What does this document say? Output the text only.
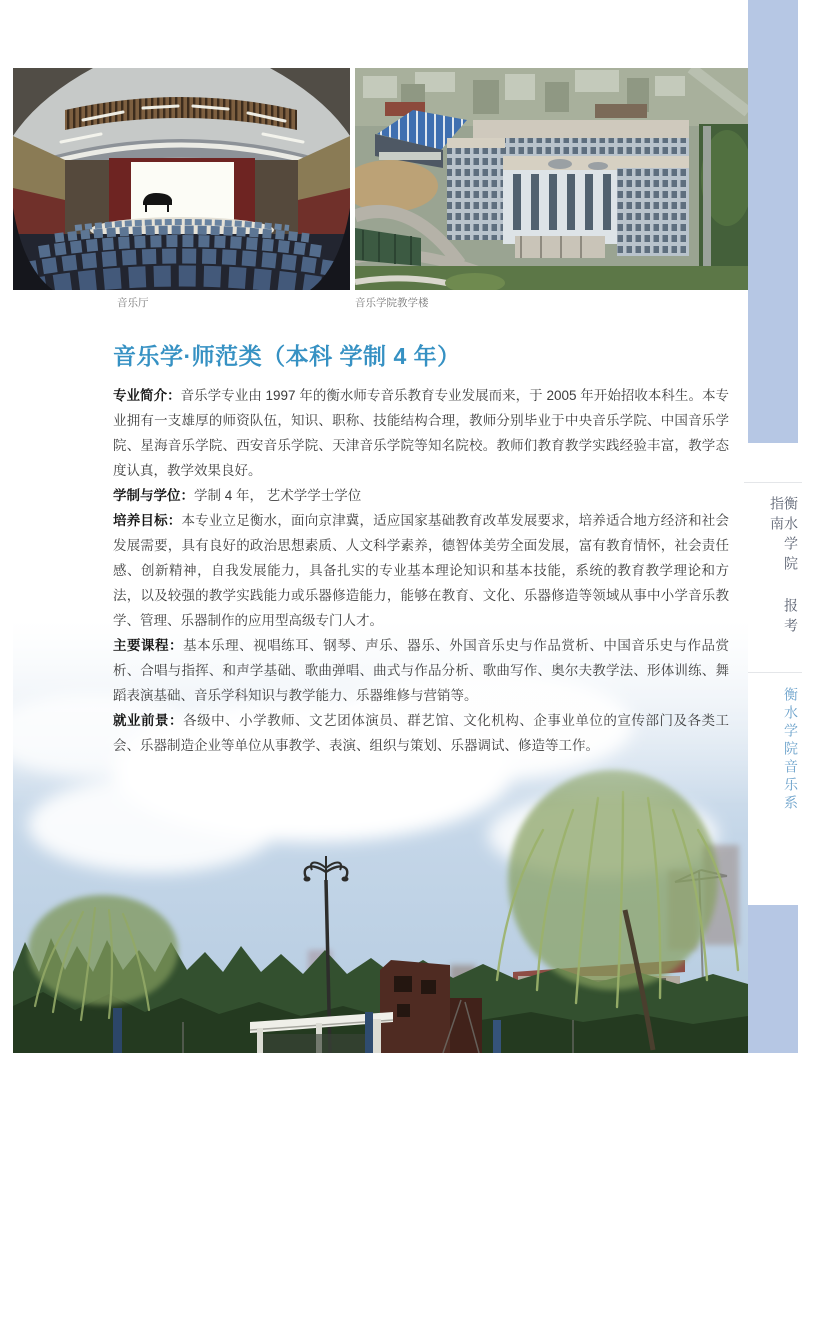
衡水学院 报考指南
衡水学院音乐系
音乐厅	音乐学院教学楼
音乐学·师范类（本科 学制 4 年）

专业简介：音乐学专业由 1997 年的衡水师专音乐教育专业发展而来，于 2005 年开始招收本科生。本专业拥有一支雄厚的师资队伍，知识、职称、技能结构合理，教师分别毕业于中央音乐学院、中国音乐学院、星海音乐学院、西安音乐学院、天津音乐学院等知名院校。教师们教育教学实践经验丰富，教学态度认真，教学效果良好。

学制与学位：学制 4 年， 艺术学学士学位

培养目标：本专业立足衡水，面向京津冀，适应国家基础教育改革发展要求，培养适合地方经济和社会发展需要，具有良好的政治思想素质、人文科学素养，德智体美劳全面发展，富有教育情怀，社会责任感、创新精神，自我发展能力，具备扎实的专业基本理论知识和基本技能，系统的教育教学理论和方法，以及较强的教学实践能力或乐器修造能力，能够在教育、文化、乐器修造等领域从事中小学音乐教学、管理、乐器制作的应用型高级专门人才。

主要课程：基本乐理、视唱练耳、钢琴、声乐、器乐、外国音乐史与作品赏析、中国音乐史与作品赏析、合唱与指挥、和声学基础、歌曲弹唱、曲式与作品分析、歌曲写作、奥尔夫教学法、形体训练、舞蹈表演基础、音乐学科知识与教学能力、乐器维修与营销等。

就业前景：各级中、小学教师、文艺团体演员、群艺馆、文化机构、企事业单位的宣传部门及各类工会、乐器制造企业等单位从事教学、表演、组织与策划、乐器调试、修造等工作。
